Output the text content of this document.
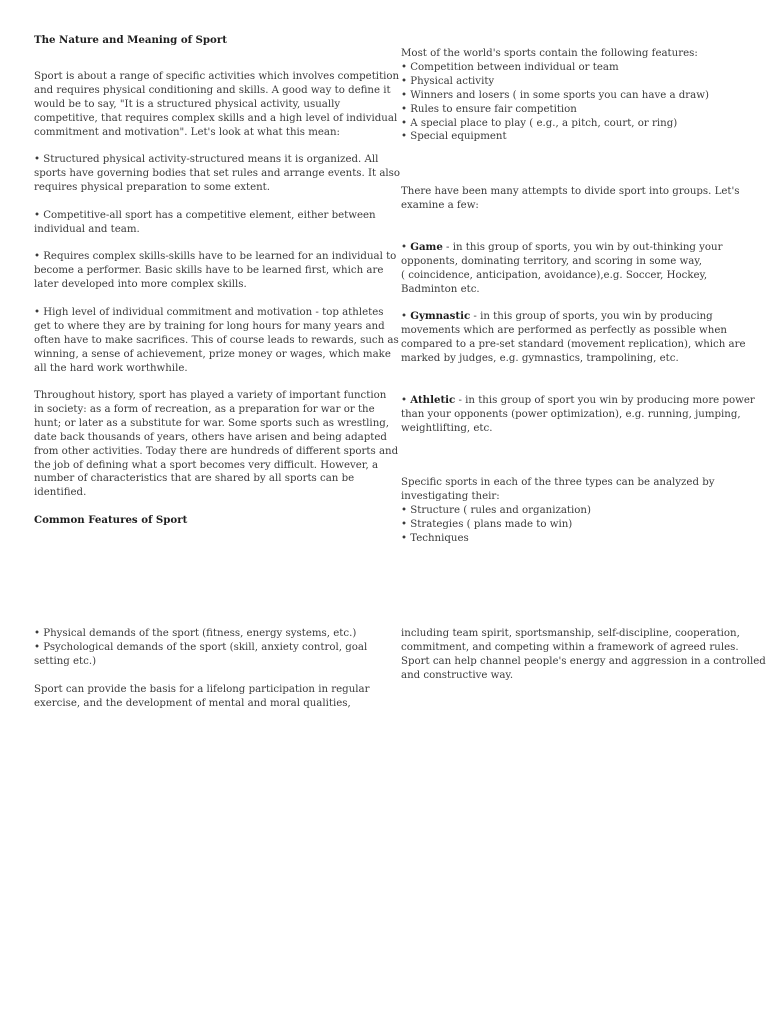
The Nature and Meaning of Sport
Sport is about a range of specific activities which involves competition
and requires physical conditioning and skills. A good way to define it
would be to say, "It is a structured physical activity, usually
competitive, that requires complex skills and a high level of individual
commitment and motivation". Let's look at what this mean:
• Structured physical activity-structured means it is organized. All
sports have governing bodies that set rules and arrange events. It also
requires physical preparation to some extent.
• Competitive-all sport has a competitive element, either between
individual and team.
• Requires complex skills-skills have to be learned for an individual to
become a performer. Basic skills have to be learned first, which are
later developed into more complex skills.
• High level of individual commitment and motivation - top athletes
get to where they are by training for long hours for many years and
often have to make sacrifices. This of course leads to rewards, such as
winning, a sense of achievement, prize money or wages, which make
all the hard work worthwhile.
Throughout history, sport has played a variety of important function
in society: as a form of recreation, as a preparation for war or the
hunt; or later as a substitute for war. Some sports such as wrestling,
date back thousands of years, others have arisen and being adapted
from other activities. Today there are hundreds of different sports and
the job of defining what a sport becomes very difficult. However, a
number of characteristics that are shared by all sports can be
identified.
Common Features of Sport
• Physical demands of the sport (fitness, energy systems, etc.)
• Psychological demands of the sport (skill, anxiety control, goal
setting etc.)
Sport can provide the basis for a lifelong participation in regular
exercise, and the development of mental and moral qualities,
Most of the world's sports contain the following features:
• Competition between individual or team
• Physical activity
• Winners and losers ( in some sports you can have a draw)
• Rules to ensure fair competition
• A special place to play ( e.g., a pitch, court, or ring)
• Special equipment
There have been many attempts to divide sport into groups. Let's
examine a few:
• Game - in this group of sports, you win by out-thinking your
opponents, dominating territory, and scoring in some way,
( coincidence, anticipation, avoidance),e.g. Soccer, Hockey,
Badminton etc.
• Gymnastic - in this group of sports, you win by producing
movements which are performed as perfectly as possible when
compared to a pre-set standard (movement replication), which are
marked by judges, e.g. gymnastics, trampolining, etc.
• Athletic - in this group of sport you win by producing more power
than your opponents (power optimization), e.g. running, jumping,
weightlifting, etc.
Specific sports in each of the three types can be analyzed by
investigating their:
• Structure ( rules and organization)
• Strategies ( plans made to win)
• Techniques
including team spirit, sportsmanship, self-discipline, cooperation,
commitment, and competing within a framework of agreed rules.
Sport can help channel people's energy and aggression in a controlled
and constructive way.
